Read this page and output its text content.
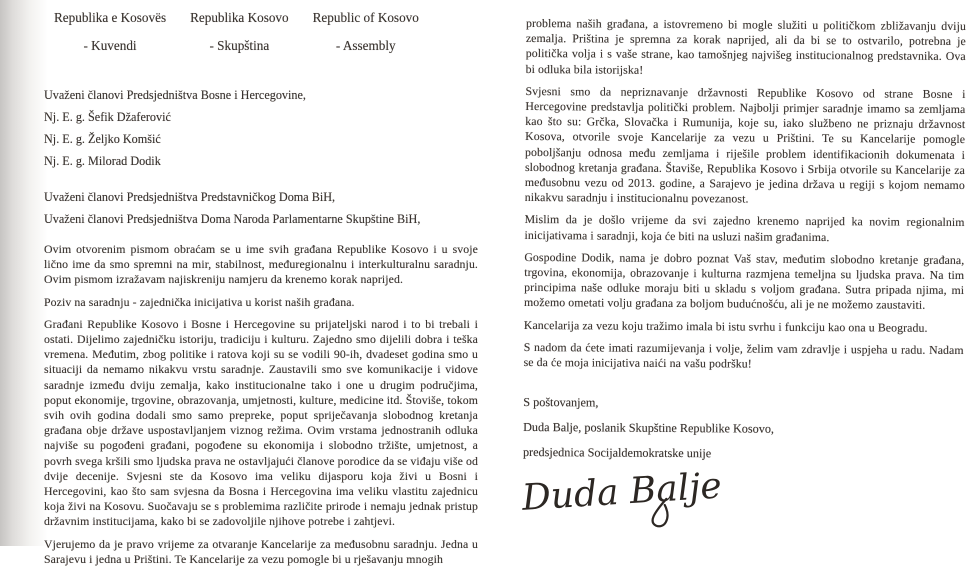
Republika e Kosovës
- Kuvendi
Republika Kosovo
- Skupština
Republic of Kosovo
- Assembly

Uvaženi članovi Predsjedništva Bosne i Hercegovine,

Nj. E. g. Šefik Džaferović
Nj. E. g. Željko Komšić
Nj. E. g. Milorad Dodik

Uvaženi članovi Predsjedništva Predstavničkog Doma BiH,

Uvaženi članovi Predsjedništva Doma Naroda Parlamentarne Skupštine BiH,

Ovim otvorenim pismom obraćam se u ime svih građana Republike Kosovo i u svoje lično ime da smo spremni na mir, stabilnost, međuregionalnu i interkulturalnu saradnju. Ovim pismom izražavam najiskreniju namjeru da krenemo korak naprijed.

Poziv na saradnju - zajednička inicijativa u korist naših građana.

Građani Republike Kosovo i Bosne i Hercegovine su prijateljski narod i to bi trebali i ostati. Dijelimo zajedničku istoriju, tradiciju i kulturu. Zajedno smo dijelili dobra i teška vremena. Međutim, zbog politike i ratova koji su se vodili 90-ih, dvadeset godina smo u situaciji da nemamo nikakvu vrstu saradnje. Zaustavili smo sve komunikacije i vidove saradnje između dviju zemalja, kako institucionalne tako i one u drugim područjima, poput ekonomije, trgovine, obrazovanja, umjetnosti, kulture, medicine itd. Štoviše, tokom svih ovih godina dodali smo samo prepreke, poput spriječavanja slobodnog kretanja građana obje države uspostavljanjem viznog režima. Ovim vrstama jednostranih odluka najviše su pogođeni građani, pogođene su ekonomija i slobodno tržište, umjetnost, a povrh svega kršili smo ljudska prava ne ostavljajući članove porodice da se viđaju više od dvije decenije. Svjesni ste da Kosovo ima veliku dijasporu koja živi u Bosni i Hercegovini, kao što sam svjesna da Bosna i Hercegovina ima veliku vlastitu zajednicu koja živi na Kosovu. Suočavaju se s problemima različite prirode i nemaju jednak pristup državnim institucijama, kako bi se zadovoljile njihove potrebe i zahtjevi.

Vjerujemo da je pravo vrijeme za otvaranje Kancelarije za međusobnu saradnju. Jedna u Sarajevu i jedna u Prištini. Te Kancelarije za vezu pomogle bi u rješavanju mnogih

problema naših građana, a istovremeno bi mogle služiti u političkom zbližavanju dviju zemalja. Priština je spremna za korak naprijed, ali da bi se to ostvarilo, potrebna je politička volja i s vaše strane, kao tamošnjeg najvišeg institucionalnog predstavnika. Ova bi odluka bila istorijska!

Svjesni smo da nepriznavanje državnosti Republike Kosovo od strane Bosne i Hercegovine predstavlja politički problem. Najbolji primjer saradnje imamo sa zemljama kao što su: Grčka, Slovačka i Rumunija, koje su, iako službeno ne priznaju državnost Kosova, otvorile svoje Kancelarije za vezu u Prištini. Te su Kancelarije pomogle poboljšanju odnosa među zemljama i riješile problem identifikacionih dokumenata i slobodnog kretanja građana. Štaviše, Republika Kosovo i Srbija otvorile su Kancelarije za međusobnu vezu od 2013. godine, a Sarajevo je jedina država u regiji s kojom nemamo nikakvu saradnju i institucionalnu povezanost.

Mislim da je došlo vrijeme da svi zajedno krenemo naprijed ka novim regionalnim inicijativama i saradnji, koja će biti na usluzi našim građanima.

Gospodine Dodik, nama je dobro poznat Vaš stav, međutim slobodno kretanje građana, trgovina, ekonomija, obrazovanje i kulturna razmjena temeljna su ljudska prava. Na tim principima naše odluke moraju biti u skladu s voljom građana. Sutra pripada njima, mi možemo ometati volju građana za boljom budućnošću, ali je ne možemo zaustaviti.

Kancelarija za vezu koju tražimo imala bi istu svrhu i funkciju kao ona u Beogradu.

S nadom da ćete imati razumijevanja i volje, želim vam zdravlje i uspjeha u radu. Nadam se da će moja inicijativa naići na vašu podršku!

S poštovanjem,

Duda Balje, poslanik Skupštine Republike Kosovo,

predsjednica Socijaldemokratske unije

Duda Balje
